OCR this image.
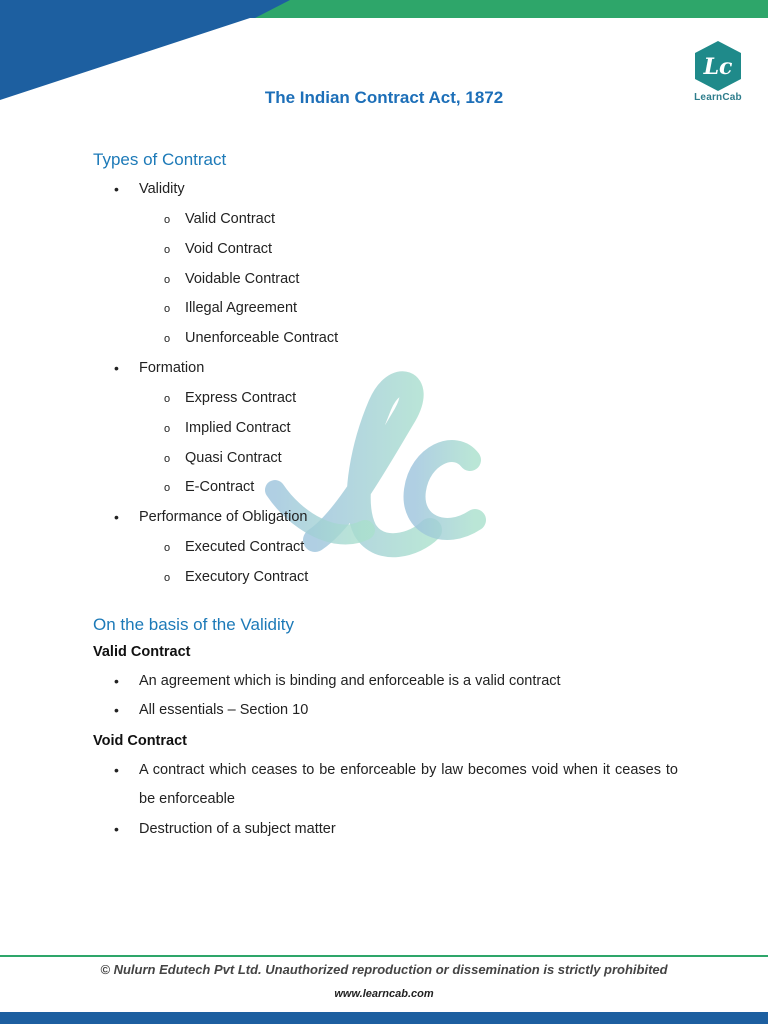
Lc
LearnCab
The Indian Contract Act, 1872
Types of Contract
• Validity
o Valid Contract
o Void Contract
o Voidable Contract
o Illegal Agreement
o Unenforceable Contract
• Formation
o Express Contract
o Implied Contract
o Quasi Contract
o E-Contract
• Performance of Obligation
o Executed Contract
o Executory Contract
On the basis of the Validity
Valid Contract
• An agreement which is binding and enforceable is a valid contract
• All essentials – Section 10
Void Contract
• A contract which ceases to be enforceable by law becomes void when it ceases to be enforceable
• Destruction of a subject matter
© Nulurn Edutech Pvt Ltd. Unauthorized reproduction or dissemination is strictly prohibited
www.learncab.com
